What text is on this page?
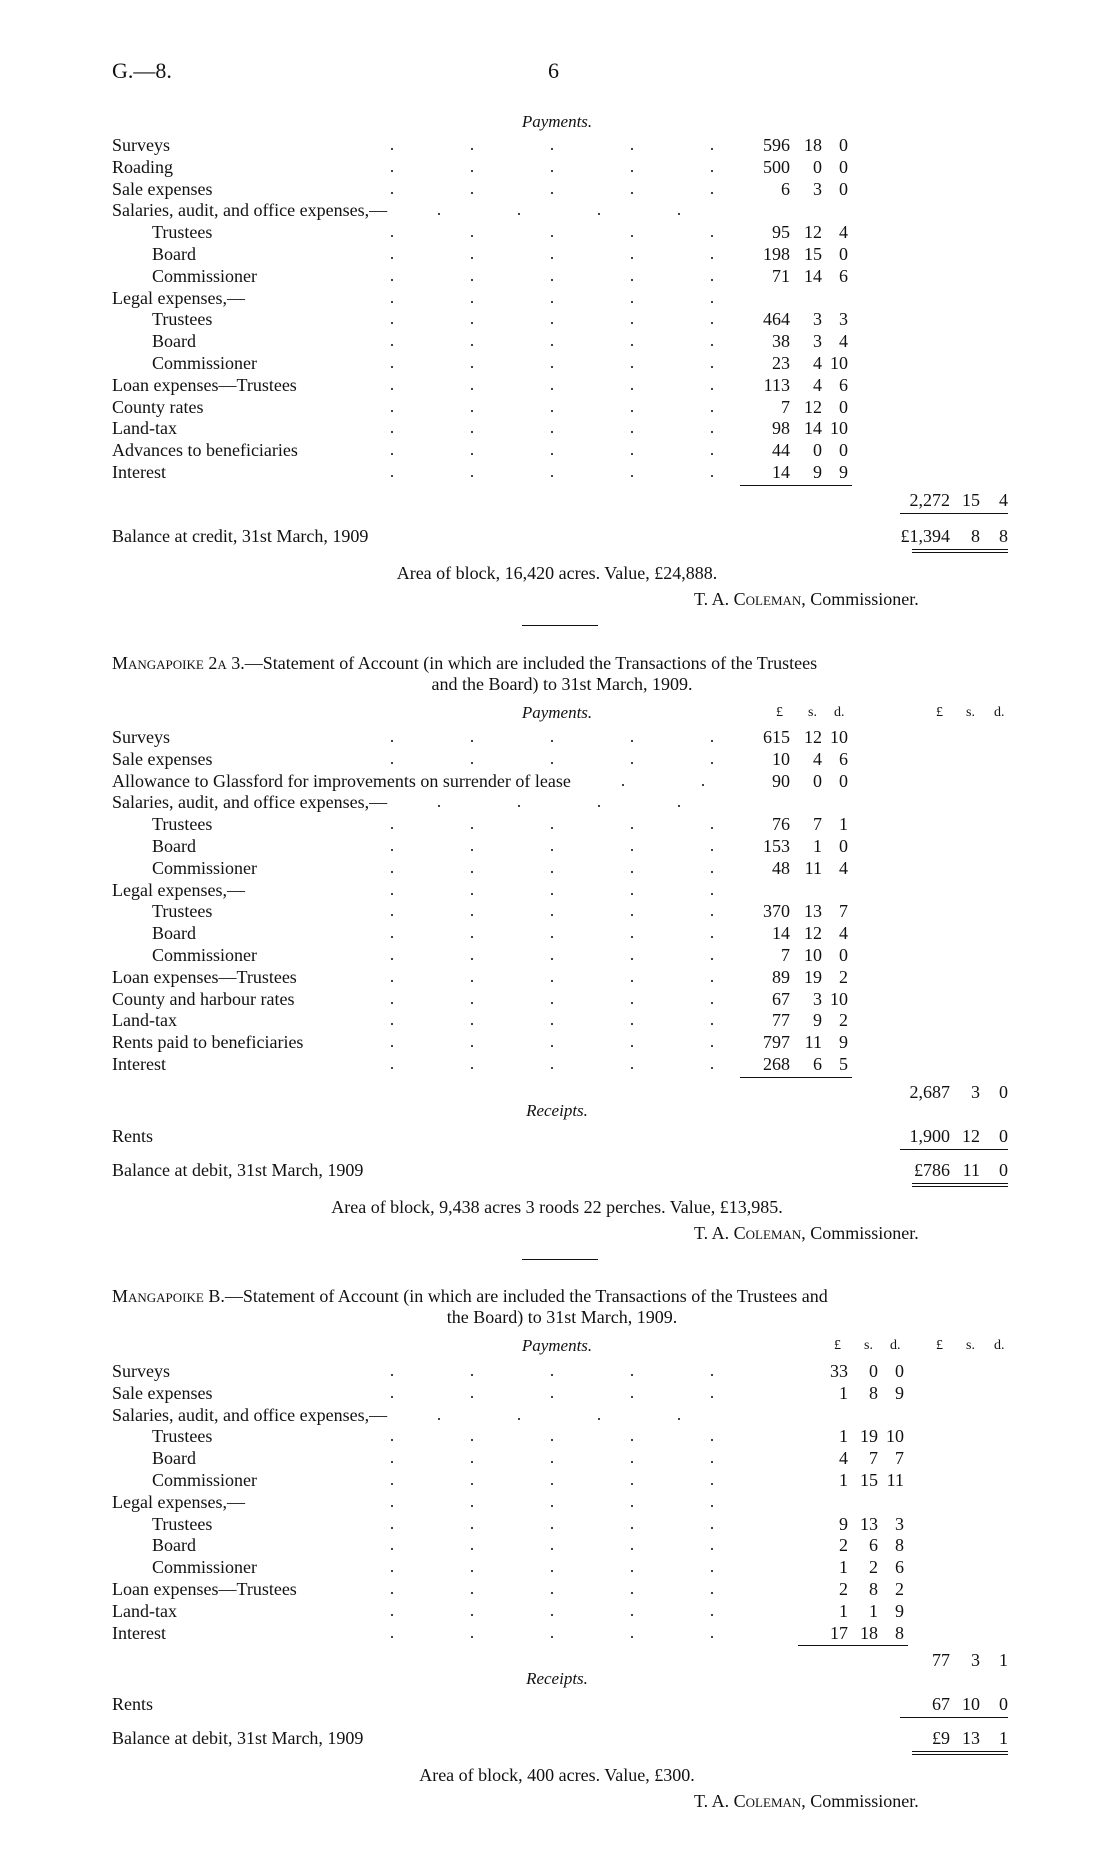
G.—8.	6
Payments.
Surveys	596 18 0
Roading	500	0 0
Sale expenses	6	3 0
Salaries, audit, and office expenses,—
Trustees	95 12 4
Board	198 15 0
Commissioner	71 14 6
Legal expenses,—
Trustees	464	3 3
Board	38	3 4
Commissioner	23	4 10
Loan expenses—Trustees	113	4 6
County rates	7 12 0
Land-tax	98 14 10
Advances to beneficiaries	44	0 0
Interest	14	9 9
2,272 15	4
Balance at credit, 31st March, 1909	£1,394	8	8
Area of block, 16,420 acres. Value, £24,888.
T. A. Coleman, Commissioner.
Mangapoike 2a 3.—Statement of Account (in which are included the Transactions of the Trustees
and the Board) to 31st March, 1909.
Payments.	£ s. d.	£ s. d.
Surveys	615 12 10
Sale expenses	10	4 6
Allowance to Glassford for improvements on surrender of lease	90	0 0
Salaries, audit, and office expenses,—
Trustees	76	7 1
Board	153	1 0
Commissioner	48 11 4
Legal expenses,—
Trustees	370 13 7
Board	14 12 4
Commissioner	7 10 0
Loan expenses—Trustees	89 19 2
County and harbour rates	67	3 10
Land-tax	77	9 2
Rents paid to beneficiaries	797 11 9
Interest	268	6 5
2,687	3	0
Receipts.
Rents	1,900 12	0
Balance at debit, 31st March, 1909	£786 11	0
Area of block, 9,438 acres 3 roods 22 perches. Value, £13,985.
T. A. Coleman, Commissioner.
Mangapoike B.—Statement of Account (in which are included the Transactions of the Trustees and
the Board) to 31st March, 1909.
Payments.	£ s. d.	£ s. d.
Surveys	33	0 0
Sale expenses	1	8 9
Salaries, audit, and office expenses,—
Trustees	1 19 10
Board	4	7 7
Commissioner	1 15 11
Legal expenses,—
Trustees	9 13 3
Board	2	6 8
Commissioner	1	2 6
Loan expenses—Trustees	2	8 2
Land-tax	1	1 9
Interest	17 18 8
77	3	1
Receipts.
Rents	67 10	0
Balance at debit, 31st March, 1909	£9 13	1
Area of block, 400 acres. Value, £300.
T. A. Coleman, Commissioner.
